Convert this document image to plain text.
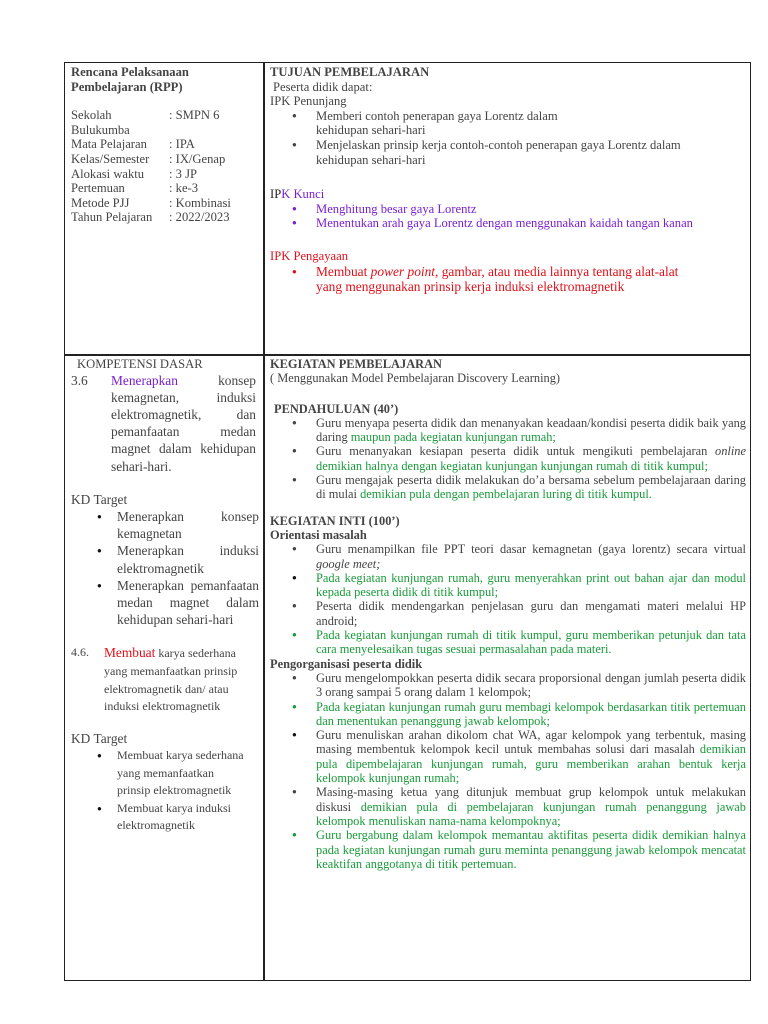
Rencana Pelaksanaan Pembelajaran (RPP)
Sekolah	: SMPN 6
Bulukumba
Mata Pelajaran	: IPA
Kelas/Semester	: IX/Genap
Alokasi waktu	: 3 JP
Pertemuan	: ke-3
Metode PJJ	: Kombinasi
Tahun Pelajaran	: 2022/2023
TUJUAN PEMBELAJARAN
Peserta didik dapat:
IPK Penunjang
● Memberi contoh penerapan gaya Lorentz dalam kehidupan sehari-hari
● Menjelaskan prinsip kerja contoh-contoh penerapan gaya Lorentz dalam kehidupan sehari-hari
IPK Kunci
● Menghitung besar gaya Lorentz
● Menentukan arah gaya Lorentz dengan menggunakan kaidah tangan kanan
IPK Pengayaan
● Membuat power point, gambar, atau media lainnya tentang alat-alat yang menggunakan prinsip kerja induksi elektromagnetik
KOMPETENSI DASAR
3.6	Menerapkan	konsep kemagnetan, induksi elektromagnetik, dan pemanfaatan medan magnet dalam kehidupan sehari-hari.
KD Target
● Menerapkan konsep kemagnetan
● Menerapkan induksi elektromagnetik
● Menerapkan pemanfaatan medan magnet dalam kehidupan sehari-hari
4.6.	Membuat karya sederhana yang memanfaatkan prinsip elektromagnetik dan/ atau induksi elektromagnetik
KD Target
● Membuat karya sederhana yang memanfaatkan prinsip elektromagnetik
● Membuat karya induksi elektromagnetik
KEGIATAN PEMBELAJARAN
( Menggunakan Model Pembelajaran Discovery Learning)
PENDAHULUAN (40’)
● Guru menyapa peserta didik dan menanyakan keadaan/kondisi peserta didik baik yang daring maupun pada kegiatan kunjungan rumah;
● Guru menanyakan kesiapan peserta didik untuk mengikuti pembelajaran online demikian halnya dengan kegiatan kunjungan kunjungan rumah di titik kumpul;
● Guru mengajak peserta didik melakukan do’a bersama sebelum pembelajaraan daring di mulai demikian pula dengan pembelajaran luring di titik kumpul.
KEGIATAN INTI (100’)
Orientasi masalah
● Guru menampilkan file PPT teori dasar kemagnetan (gaya lorentz) secara virtual google meet;
● Pada kegiatan kunjungan rumah, guru menyerahkan print out bahan ajar dan modul kepada peserta didik di titik kumpul;
● Peserta didik mendengarkan penjelasan guru dan mengamati materi melalui HP android;
● Pada kegiatan kunjungan rumah di titik kumpul, guru memberikan petunjuk dan tata cara menyelesaikan tugas sesuai permasalahan pada materi.
Pengorganisasi peserta didik
● Guru mengelompokkan peserta didik secara proporsional dengan jumlah peserta didik 3 orang sampai 5 orang dalam 1 kelompok;
● Pada kegiatan kunjungan rumah guru membagi kelompok berdasarkan titik pertemuan dan menentukan penanggung jawab kelompok;
● Guru menuliskan arahan dikolom chat WA, agar kelompok yang terbentuk, masing masing membentuk kelompok kecil untuk membahas solusi dari masalah demikian pula dipembelajaran kunjungan rumah, guru memberikan arahan bentuk kerja kelompok kunjungan rumah;
● Masing-masing ketua yang ditunjuk membuat grup kelompok untuk melakukan diskusi demikian pula di pembelajaran kunjungan rumah penanggung jawab kelompok menuliskan nama-nama kelompoknya;
● Guru bergabung dalam kelompok memantau aktifitas peserta didik demikian halnya pada kegiatan kunjungan rumah guru meminta penanggung jawab kelompok mencatat keaktifan anggotanya di titik pertemuan.
